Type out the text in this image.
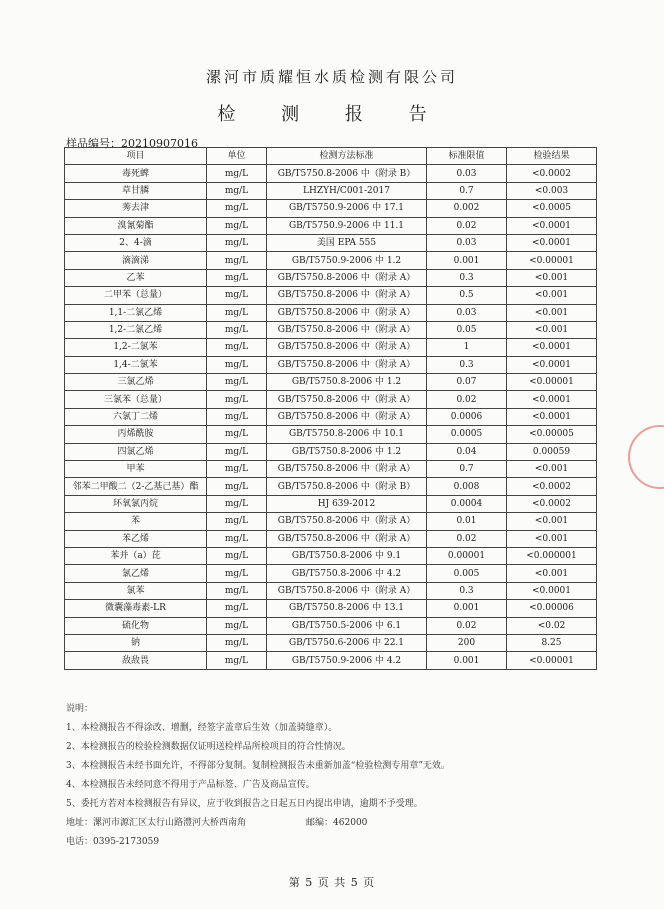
漯河市质耀恒水质检测有限公司
检 测 报 告
样品编号：20210907016
项目	单位	检测方法标准	标准限值	检验结果
毒死蜱	mg/L	GB/T5750.8-2006 中（附录 B）	0.03	<0.0002
草甘膦	mg/L	LHZYH/C001-2017	0.7	<0.003
莠去津	mg/L	GB/T5750.9-2006 中 17.1	0.002	<0.0005
溴氰菊酯	mg/L	GB/T5750.9-2006 中 11.1	0.02	<0.0001
2、4-滴	mg/L	美国 EPA 555	0.03	<0.0001
滴滴涕	mg/L	GB/T5750.9-2006 中 1.2	0.001	<0.00001
乙苯	mg/L	GB/T5750.8-2006 中（附录 A）	0.3	<0.001
二甲苯（总量）	mg/L	GB/T5750.8-2006 中（附录 A）	0.5	<0.001
1,1-二氯乙烯	mg/L	GB/T5750.8-2006 中（附录 A）	0.03	<0.001
1,2-二氯乙烯	mg/L	GB/T5750.8-2006 中（附录 A）	0.05	<0.001
1,2-二氯苯	mg/L	GB/T5750.8-2006 中（附录 A）	1	<0.0001
1,4-二氯苯	mg/L	GB/T5750.8-2006 中（附录 A）	0.3	<0.0001
三氯乙烯	mg/L	GB/T5750.8-2006 中 1.2	0.07	<0.00001
三氯苯（总量）	mg/L	GB/T5750.8-2006 中（附录 A）	0.02	<0.0001
六氯丁二烯	mg/L	GB/T5750.8-2006 中（附录 A）	0.0006	<0.0001
丙烯酰胺	mg/L	GB/T5750.8-2006 中 10.1	0.0005	<0.00005
四氯乙烯	mg/L	GB/T5750.8-2006 中 1.2	0.04	0.00059
甲苯	mg/L	GB/T5750.8-2006 中（附录 A）	0.7	<0.001
邻苯二甲酸二（2-乙基己基）酯	mg/L	GB/T5750.8-2006 中（附录 B）	0.008	<0.0002
环氧氯丙烷	mg/L	HJ 639-2012	0.0004	<0.0002
苯	mg/L	GB/T5750.8-2006 中（附录 A）	0.01	<0.001
苯乙烯	mg/L	GB/T5750.8-2006 中（附录 A）	0.02	<0.001
苯并（a）芘	mg/L	GB/T5750.8-2006 中 9.1	0.00001	<0.000001
氯乙烯	mg/L	GB/T5750.8-2006 中 4.2	0.005	<0.001
氯苯	mg/L	GB/T5750.8-2006 中（附录 A）	0.3	<0.0001
微囊藻毒素-LR	mg/L	GB/T5750.8-2006 中 13.1	0.001	<0.00006
硫化物	mg/L	GB/T5750.5-2006 中 6.1	0.02	<0.02
钠	mg/L	GB/T5750.6-2006 中 22.1	200	8.25
敌敌畏	mg/L	GB/T5750.9-2006 中 4.2	0.001	<0.00001
说明：
1、本检测报告不得涂改、增删，经签字盖章后生效（加盖骑缝章）。
2、本检测报告的检验检测数据仅证明送检样品所检项目的符合性情况。
3、本检测报告未经书面允许，不得部分复制。复制检测报告未重新加盖“检验检测专用章”无效。
4、本检测报告未经同意不得用于产品标签、广告及商品宣传。
5、委托方若对本检测报告有异议，应于收到报告之日起五日内提出申请，逾期不予受理。
地址：漯河市源汇区太行山路澧河大桥西南角	邮编：462000
电话：0395-2173059
第 5 页 共 5 页
